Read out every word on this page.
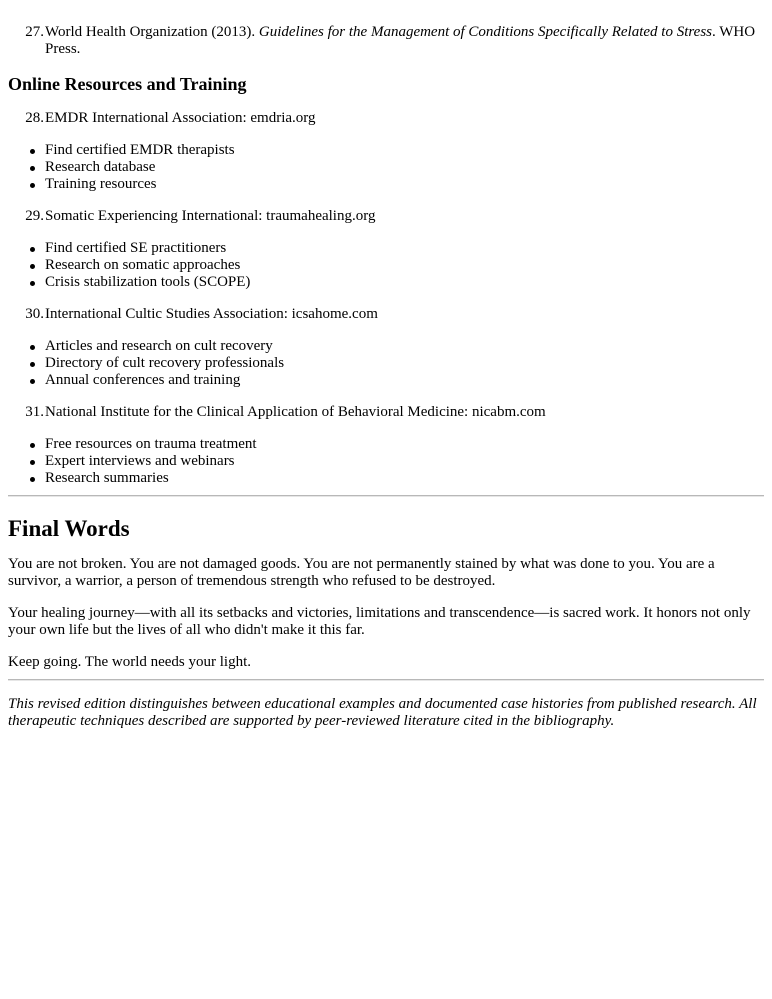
27. World Health Organization (2013). Guidelines for the Management of Conditions Specifically Related to Stress. WHO Press.
Online Resources and Training
28. EMDR International Association: emdria.org
Find certified EMDR therapists
Research database
Training resources
29. Somatic Experiencing International: traumahealing.org
Find certified SE practitioners
Research on somatic approaches
Crisis stabilization tools (SCOPE)
30. International Cultic Studies Association: icsahome.com
Articles and research on cult recovery
Directory of cult recovery professionals
Annual conferences and training
31. National Institute for the Clinical Application of Behavioral Medicine: nicabm.com
Free resources on trauma treatment
Expert interviews and webinars
Research summaries
Final Words

You are not broken. You are not damaged goods. You are not permanently stained by what was done to you. You are a survivor, a warrior, a person of tremendous strength who refused to be destroyed.

Your healing journey—with all its setbacks and victories, limitations and transcendence—is sacred work. It honors not only your own life but the lives of all who didn't make it this far.

Keep going. The world needs your light.

This revised edition distinguishes between educational examples and documented case histories from published research. All therapeutic techniques described are supported by peer-reviewed literature cited in the bibliography.
